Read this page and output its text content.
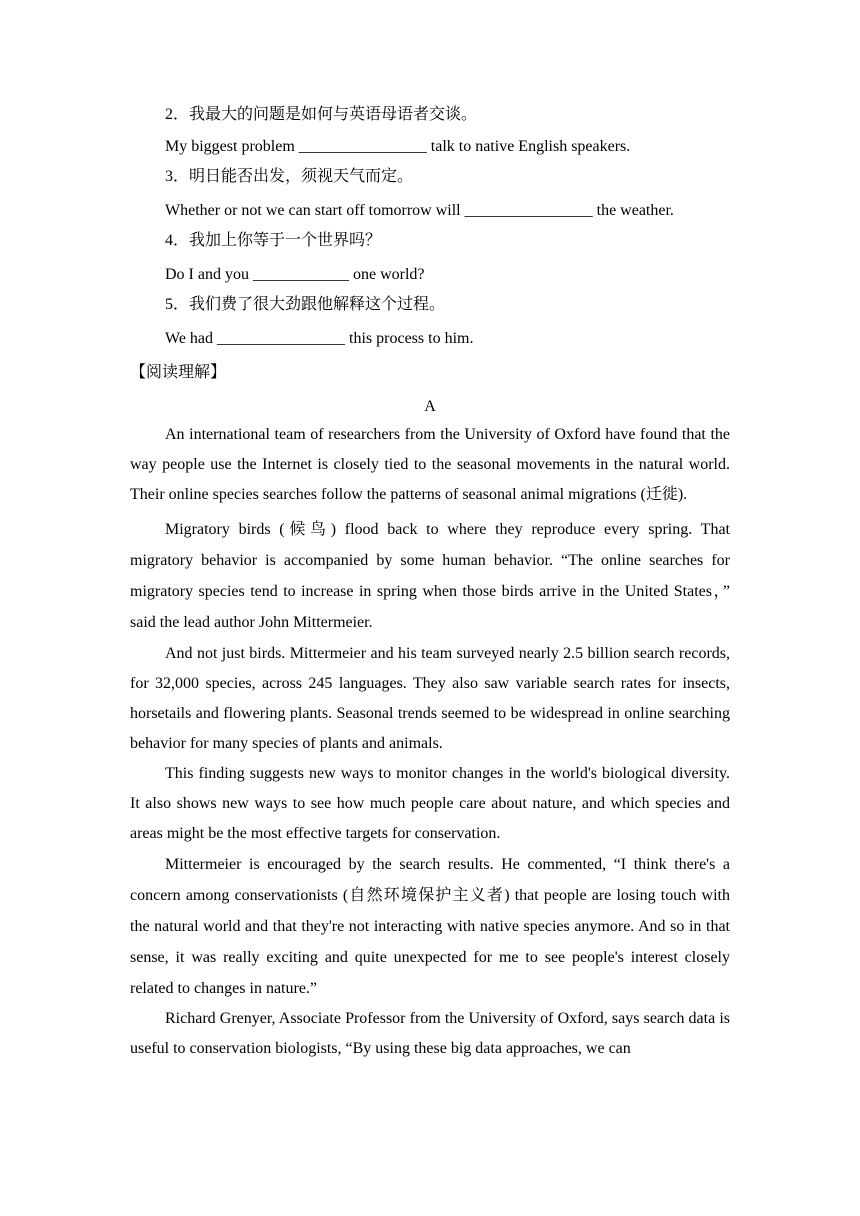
2．我最大的问题是如何与英语母语者交谈。
My biggest problem ________________ talk to native English speakers.
3．明日能否出发，须视天气而定。
Whether or not we can start off tomorrow will ________________ the weather.
4．我加上你等于一个世界吗？
Do I and you ____________ one world?
5．我们费了很大劲跟他解释这个过程。
We had ________________ this process to him.
【阅读理解】
A

An international team of researchers from the University of Oxford have found that the way people use the Internet is closely tied to the seasonal movements in the natural world. Their online species searches follow the patterns of seasonal animal migrations (迁徙).

Migratory birds (候鸟) flood back to where they reproduce every spring. That migratory behavior is accompanied by some human behavior. “The online searches for migratory species tend to increase in spring when those birds arrive in the United States，” said the lead author John Mittermeier.

And not just birds. Mittermeier and his team surveyed nearly 2.5 billion search records, for 32,000 species, across 245 languages. They also saw variable search rates for insects, horsetails and flowering plants. Seasonal trends seemed to be widespread in online searching behavior for many species of plants and animals.

This finding suggests new ways to monitor changes in the world's biological diversity. It also shows new ways to see how much people care about nature, and which species and areas might be the most effective targets for conservation.

Mittermeier is encouraged by the search results. He commented, “I think there's a concern among conservationists (自然环境保护主义者) that people are losing touch with the natural world and that they're not interacting with native species anymore. And so in that sense, it was really exciting and quite unexpected for me to see people's interest closely related to changes in nature.”

Richard Grenyer, Associate Professor from the University of Oxford, says search data is useful to conservation biologists, “By using these big data approaches, we can
